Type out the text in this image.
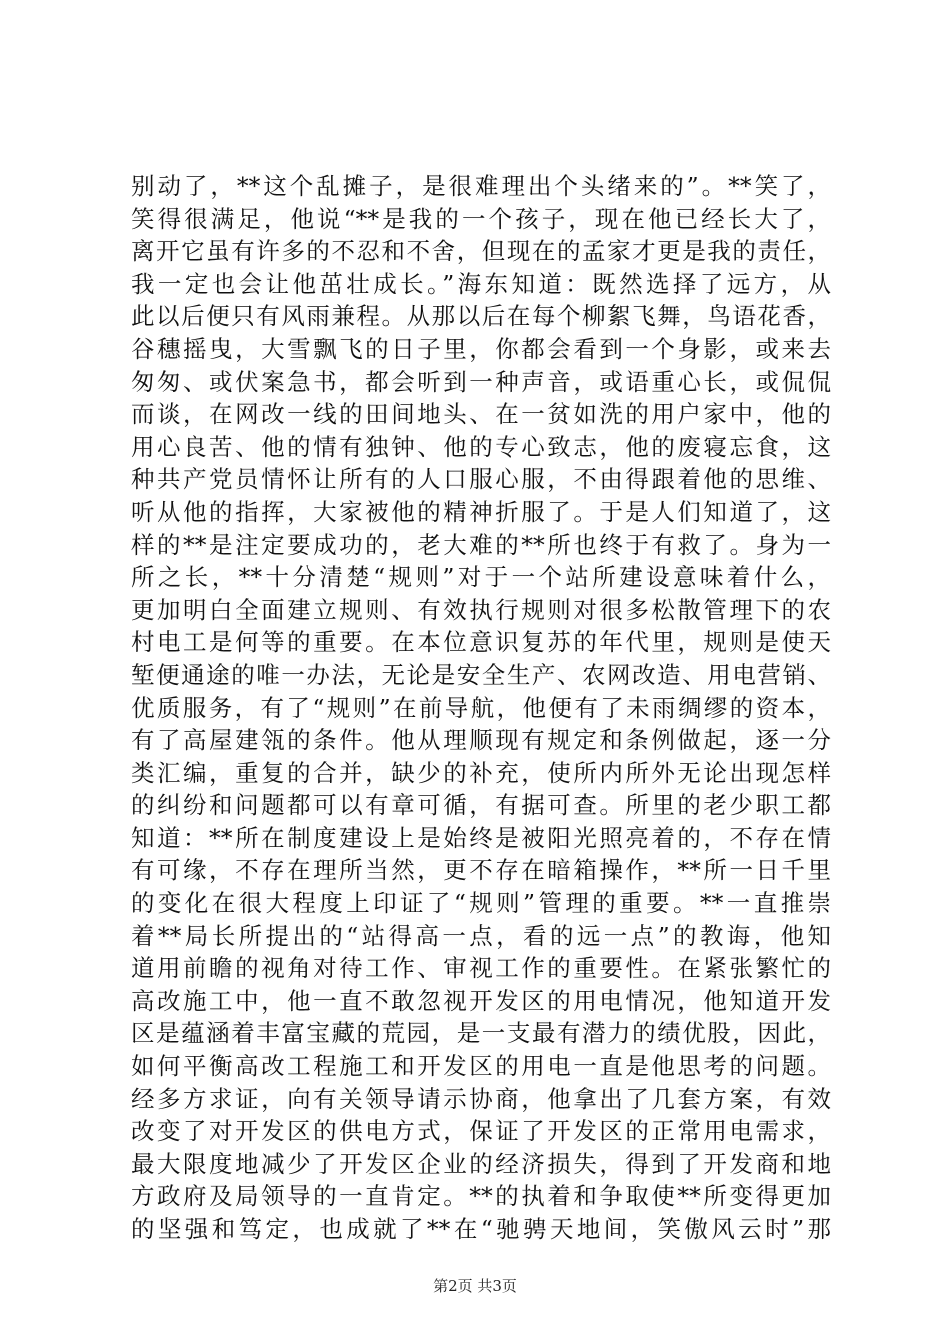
别动了，**这个乱摊子，是很难理出个头绪来的”。**笑了，
笑得很满足，他说“**是我的一个孩子，现在他已经长大了，
离开它虽有许多的不忍和不舍，但现在的孟家才更是我的责任，
我一定也会让他茁壮成长。”海东知道：既然选择了远方，从
此以后便只有风雨兼程。从那以后在每个柳絮飞舞，鸟语花香，
谷穗摇曳，大雪飘飞的日子里，你都会看到一个身影，或来去
匆匆、或伏案急书，都会听到一种声音，或语重心长，或侃侃
而谈，在网改一线的田间地头、在一贫如洗的用户家中，他的
用心良苦、他的情有独钟、他的专心致志，他的废寝忘食，这
种共产党员情怀让所有的人口服心服，不由得跟着他的思维、
听从他的指挥，大家被他的精神折服了。于是人们知道了，这
样的**是注定要成功的，老大难的**所也终于有救了。身为一
所之长，**十分清楚“规则”对于一个站所建设意味着什么，
更加明白全面建立规则、有效执行规则对很多松散管理下的农
村电工是何等的重要。在本位意识复苏的年代里，规则是使天
堑便通途的唯一办法，无论是安全生产、农网改造、用电营销、
优质服务，有了“规则”在前导航，他便有了未雨绸缪的资本，
有了高屋建瓴的条件。他从理顺现有规定和条例做起，逐一分
类汇编，重复的合并，缺少的补充，使所内所外无论出现怎样
的纠纷和问题都可以有章可循，有据可查。所里的老少职工都
知道：**所在制度建设上是始终是被阳光照亮着的，不存在情
有可缘，不存在理所当然，更不存在暗箱操作，**所一日千里
的变化在很大程度上印证了“规则”管理的重要。**一直推崇
着**局长所提出的“站得高一点，看的远一点”的教诲，他知
道用前瞻的视角对待工作、审视工作的重要性。在紧张繁忙的
高改施工中，他一直不敢忽视开发区的用电情况，他知道开发
区是蕴涵着丰富宝藏的荒园，是一支最有潜力的绩优股，因此，
如何平衡高改工程施工和开发区的用电一直是他思考的问题。
经多方求证，向有关领导请示协商，他拿出了几套方案，有效
改变了对开发区的供电方式，保证了开发区的正常用电需求，
最大限度地减少了开发区企业的经济损失，得到了开发商和地
方政府及局领导的一直肯定。**的执着和争取使**所变得更加
的坚强和笃定，也成就了**在“驰骋天地间，笑傲风云时”那
第2页 共3页
